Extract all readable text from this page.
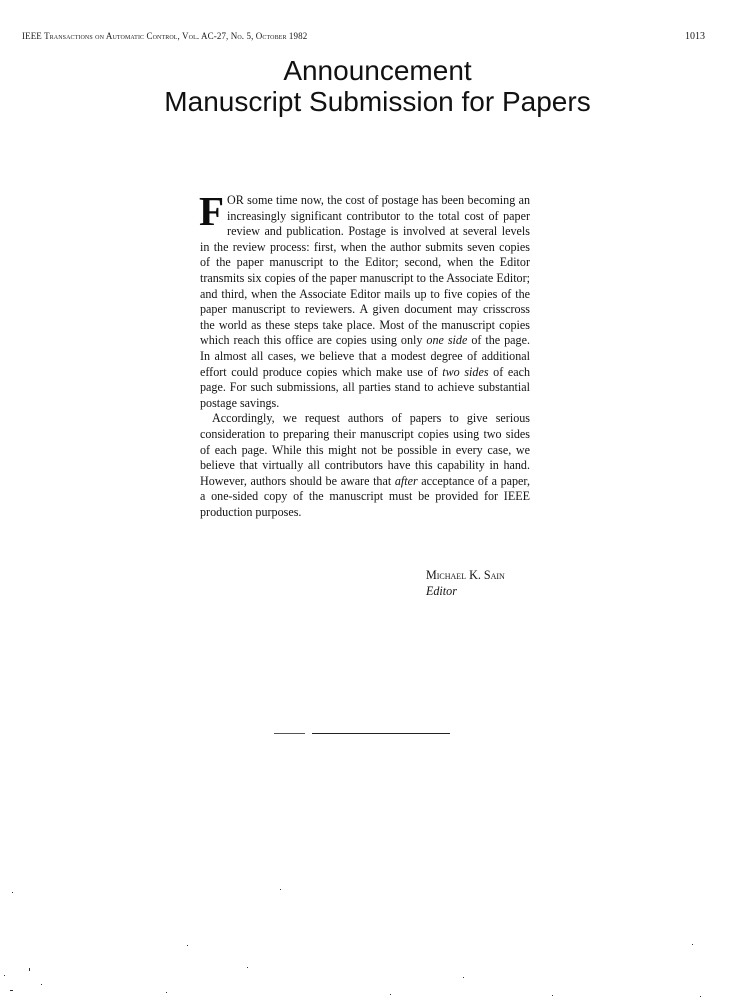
IEEE Transactions on Automatic Control, Vol. AC-27, No. 5, October 1982	1013
Announcement
Manuscript Submission for Papers

FOR some time now, the cost of postage has been becoming an increasingly significant contributor to the total cost of paper review and publication. Postage is involved at several levels in the review process: first, when the author submits seven copies of the paper manuscript to the Editor; second, when the Editor transmits six copies of the paper manuscript to the Associate Editor; and third, when the Associate Editor mails up to five copies of the paper manuscript to reviewers. A given document may crisscross the world as these steps take place. Most of the manuscript copies which reach this office are copies using only one side of the page. In almost all cases, we believe that a modest degree of additional effort could produce copies which make use of two sides of each page. For such submissions, all parties stand to achieve substantial postage savings.

Accordingly, we request authors of papers to give serious consideration to preparing their manuscript copies using two sides of each page. While this might not be possible in every case, we believe that virtually all contributors have this capability in hand. However, authors should be aware that after acceptance of a paper, a one-sided copy of the manuscript must be provided for IEEE production purposes.

Michael K. Sain
Editor
